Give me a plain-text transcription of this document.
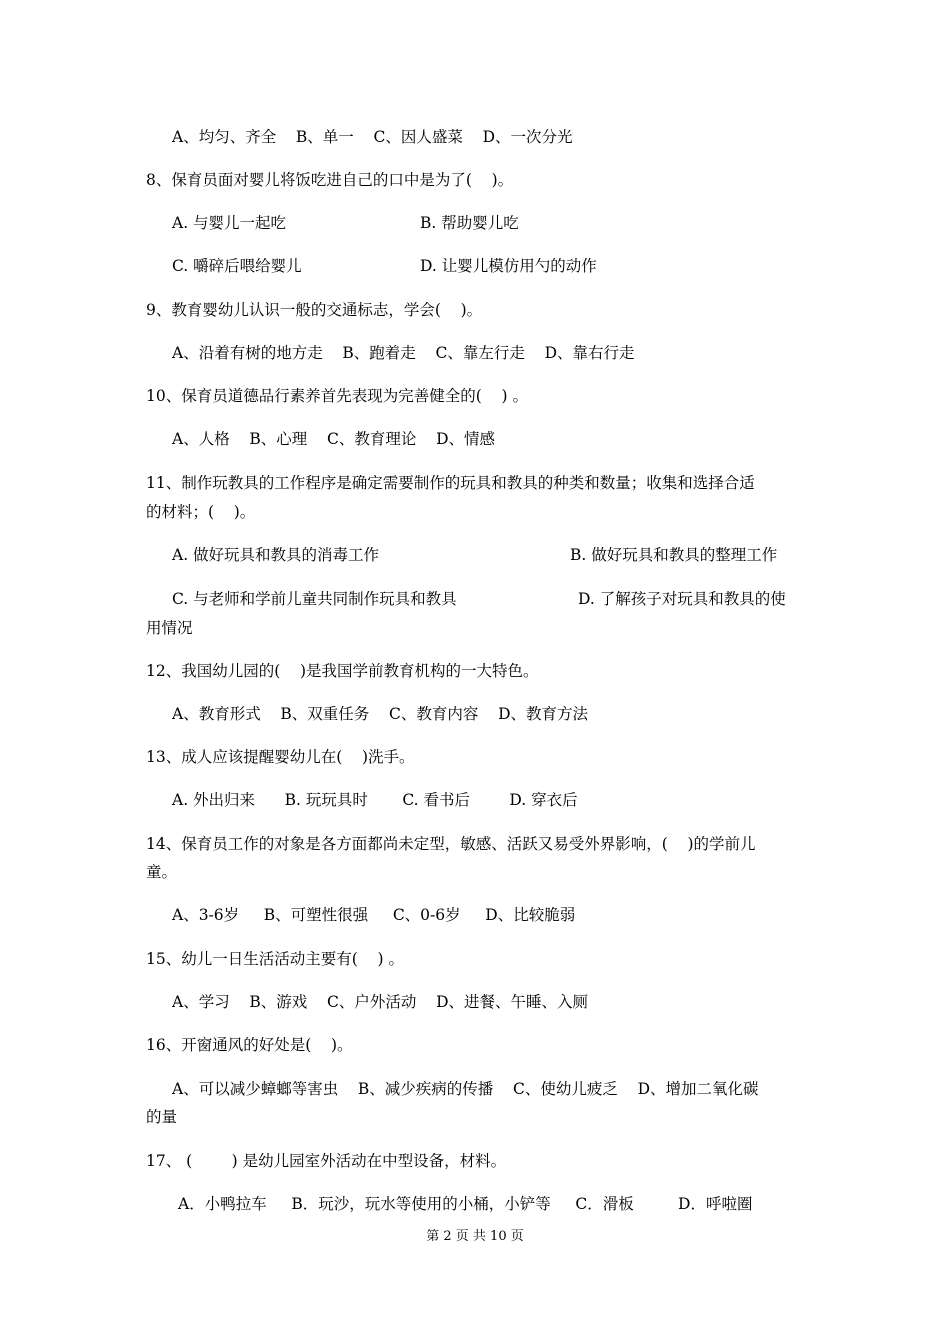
A、均匀、齐全    B、单一    C、因人盛菜    D、一次分光
8、保育员面对婴儿将饭吃进自己的口中是为了(    )。
A. 与婴儿一起吃	B. 帮助婴儿吃
C. 嚼碎后喂给婴儿	D. 让婴儿模仿用勺的动作
9、教育婴幼儿认识一般的交通标志，学会(    )。
A、沿着有树的地方走    B、跑着走    C、靠左行走    D、靠右行走
10、保育员道德品行素养首先表现为完善健全的(    ) 。
A、人格    B、心理    C、教育理论    D、情感
11、制作玩教具的工作程序是确定需要制作的玩具和教具的种类和数量；收集和选择合适
的材料；(    )。
A. 做好玩具和教具的消毒工作	B. 做好玩具和教具的整理工作
C. 与老师和学前儿童共同制作玩具和教具	D. 了解孩子对玩具和教具的使
用情况
12、我国幼儿园的(    )是我国学前教育机构的一大特色。
A、教育形式    B、双重任务    C、教育内容    D、教育方法
13、成人应该提醒婴幼儿在(    )洗手。
A. 外出归来      B. 玩玩具时       C. 看书后        D. 穿衣后
14、保育员工作的对象是各方面都尚未定型，敏感、活跃又易受外界影响，(    )的学前儿
童。
A、3-6岁     B、可塑性很强     C、0-6岁     D、比较脆弱
15、幼儿一日生活活动主要有(    ) 。
A、学习    B、游戏    C、户外活动    D、进餐、午睡、入厕
16、开窗通风的好处是(    )。
A、可以减少蟑螂等害虫    B、减少疾病的传播    C、使幼儿疲乏    D、增加二氧化碳
的量
17、 (        ) 是幼儿园室外活动在中型设备，材料。
A．小鸭拉车     B．玩沙，玩水等使用的小桶，小铲等     C．滑板         D．呼啦圈
第 2 页 共 10 页
